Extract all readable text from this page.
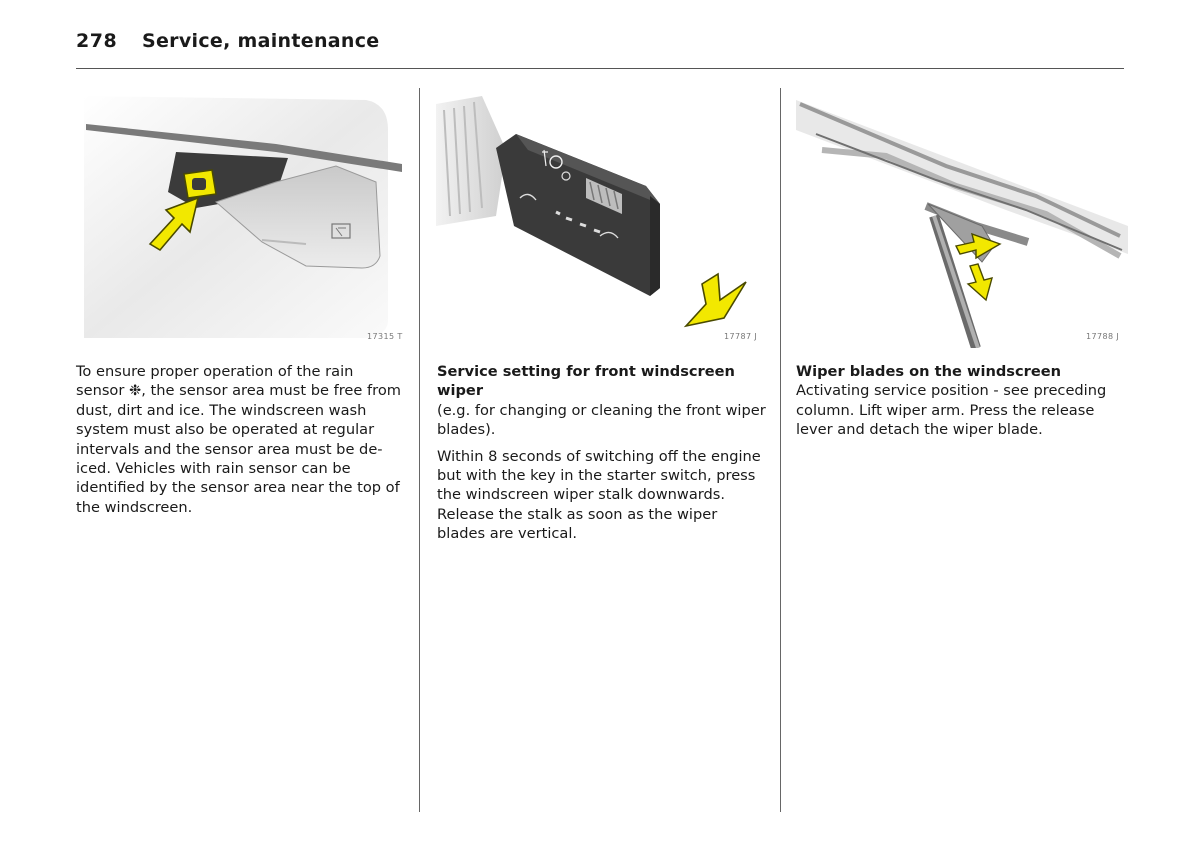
278	Service, maintenance
17315 T	17787 J	17788 J

To ensure proper operation of the rain sensor ❉, the sensor area must be free from dust, dirt and ice. The windscreen wash system must also be operated at regular intervals and the sensor area must be de-iced. Vehicles with rain sensor can be identified by the sensor area near the top of the windscreen.

Service setting for front windscreen wiper
(e.g. for changing or cleaning the front wiper blades).

Within 8 seconds of switching off the engine but with the key in the starter switch, press the windscreen wiper stalk downwards. Release the stalk as soon as the wiper blades are vertical.

Wiper blades on the windscreen
Activating service position - see preceding column. Lift wiper arm. Press the release lever and detach the wiper blade.
